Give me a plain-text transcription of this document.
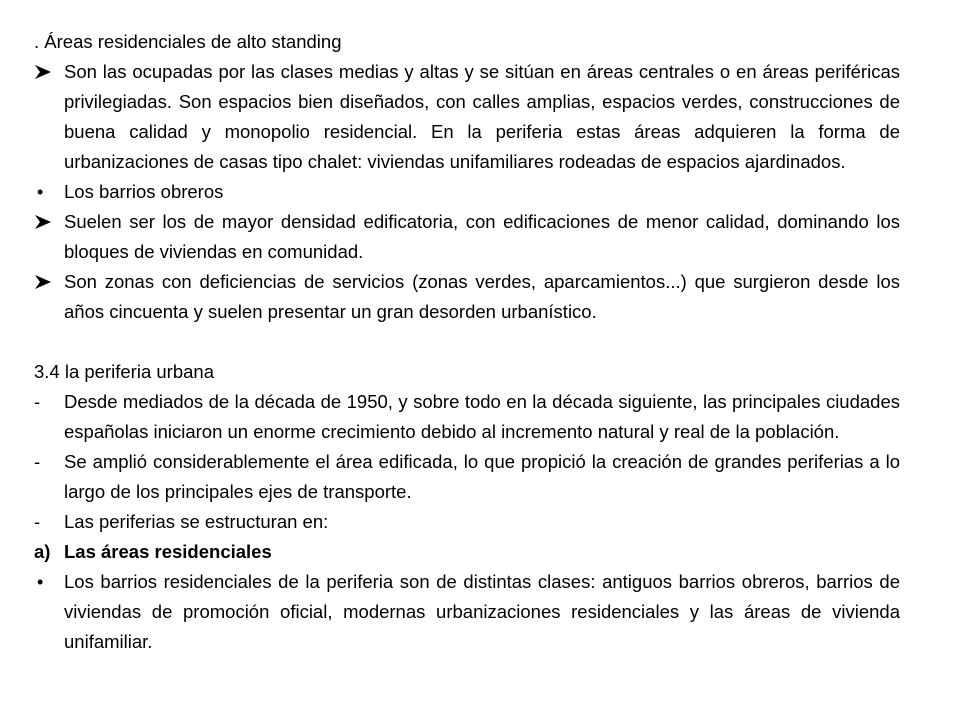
. Áreas residenciales de alto standing

Son las ocupadas por las clases medias y altas y se sitúan en áreas centrales o en áreas periféricas privilegiadas. Son espacios bien diseñados, con calles amplias, espacios verdes, construcciones de buena calidad y monopolio residencial. En la periferia estas áreas adquieren la forma de urbanizaciones de casas tipo chalet: viviendas unifamiliares rodeadas de espacios ajardinados.

• Los barrios obreros

Suelen ser los de mayor densidad edificatoria, con edificaciones de menor calidad, dominando los bloques de viviendas en comunidad.

Son zonas con deficiencias de servicios (zonas verdes, aparcamientos...) que surgieron desde los años cincuenta y suelen presentar un gran desorden urbanístico.

3.4 la periferia urbana

- Desde mediados de la década de 1950, y sobre todo en la década siguiente, las principales ciudades españolas iniciaron un enorme crecimiento debido al incremento natural y real de la población.

- Se amplió considerablemente el área edificada, lo que propició la creación de grandes periferias a lo largo de los principales ejes de transporte.

- Las periferias se estructuran en:

a) Las áreas residenciales

• Los barrios residenciales de la periferia son de distintas clases: antiguos barrios obreros, barrios de viviendas de promoción oficial, modernas urbanizaciones residenciales y las áreas de vivienda unifamiliar.
